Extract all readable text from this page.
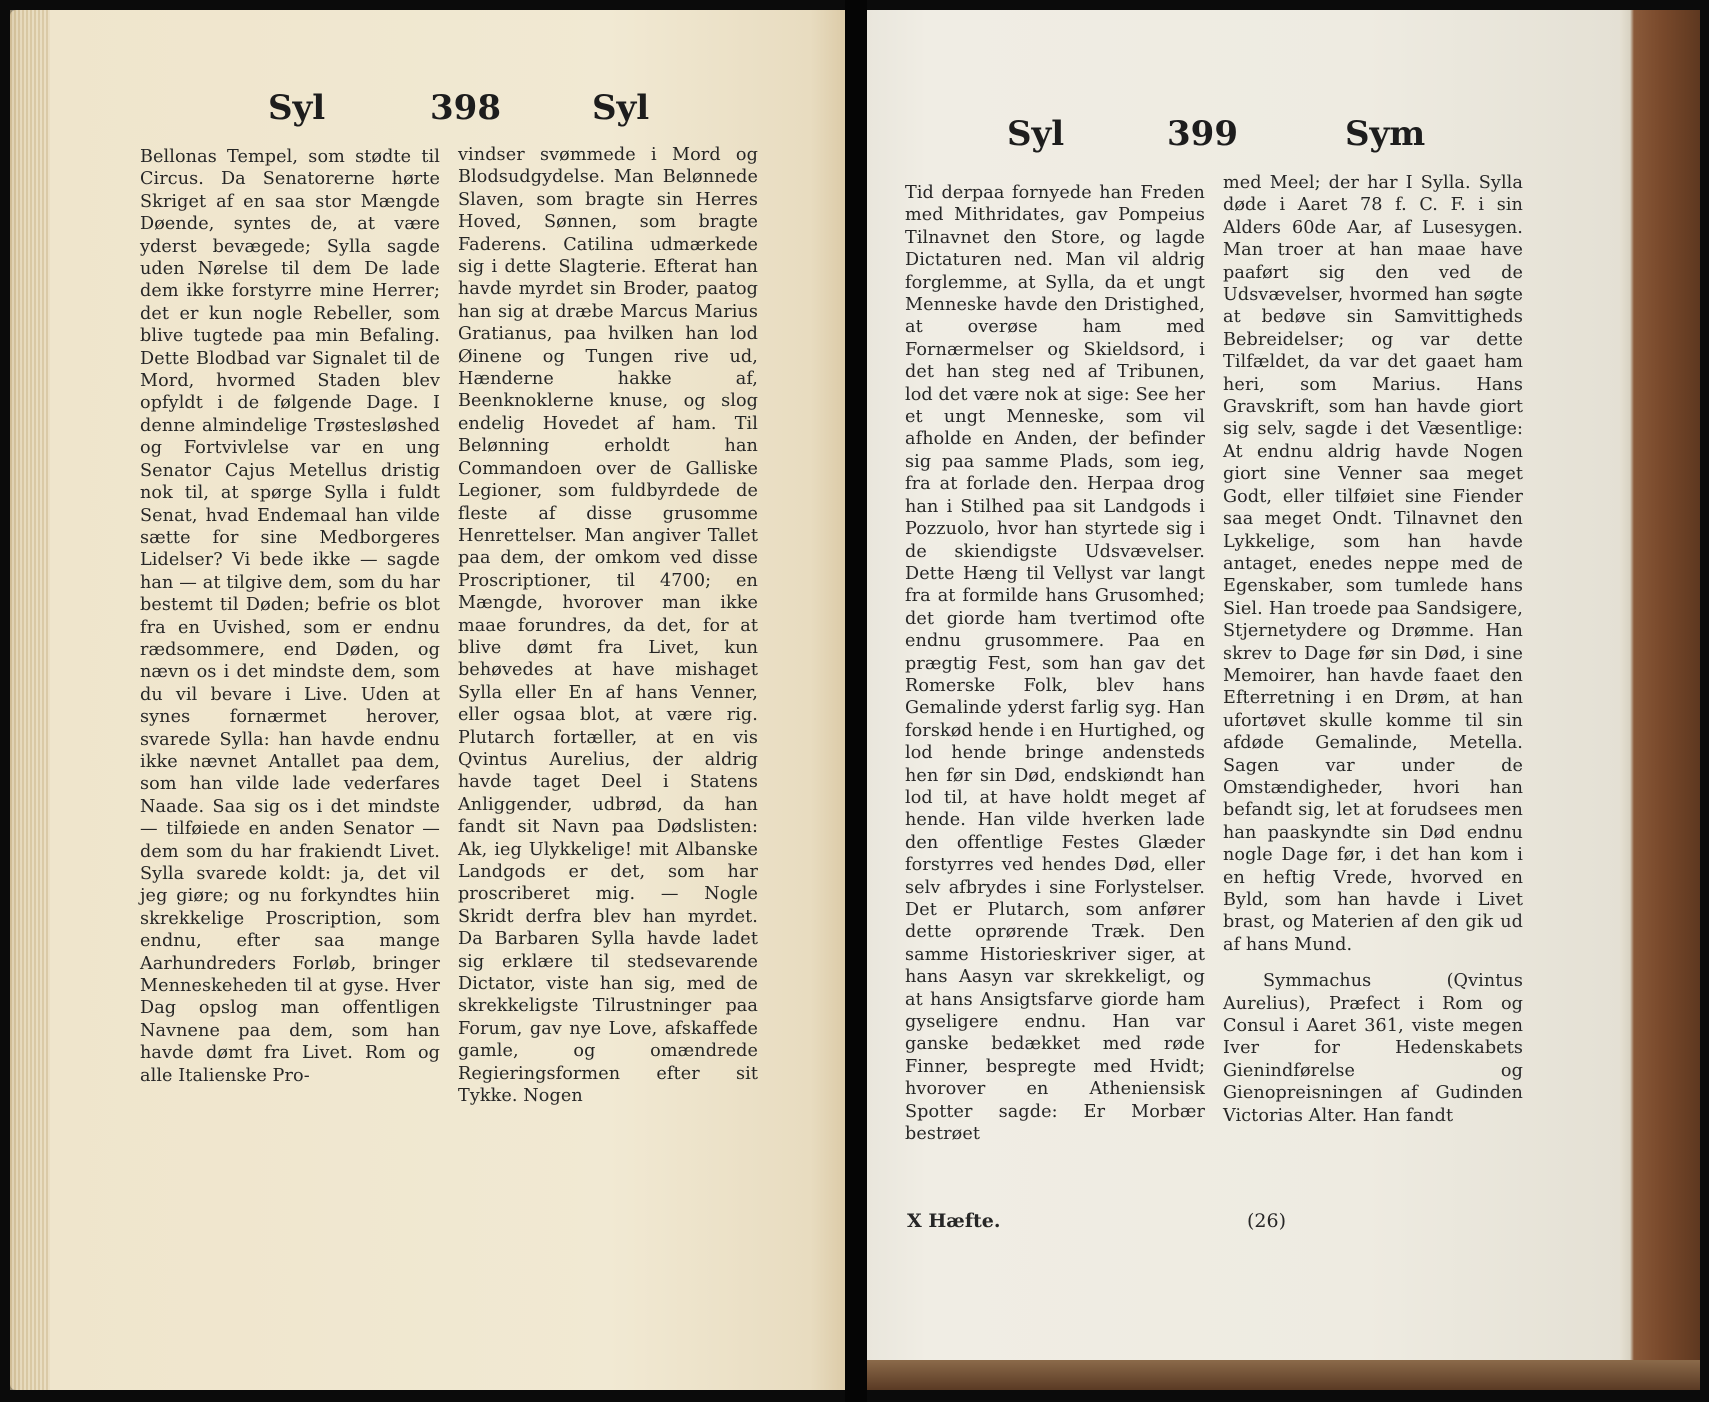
Syl	398	Syl

Bellonas Tempel, som stødte til Circus. Da Senatorerne hørte Skriget af en saa stor Mængde Døende, syntes de, at være yderst bevægede; Sylla sagde uden Nørelse til dem De lade dem ikke forstyrre mine Herrer; det er kun nogle Rebeller, som blive tugtede paa min Befaling. Dette Blodbad var Signalet til de Mord, hvormed Staden blev opfyldt i de følgende Dage. I denne almindelige Trøstesløshed og Fortvivlelse var en ung Senator Cajus Metellus dristig nok til, at spørge Sylla i fuldt Senat, hvad Endemaal han vilde sætte for sine Medborgeres Lidelser? Vi bede ikke — sagde han — at tilgive dem, som du har bestemt til Døden; befrie os blot fra en Uvished, som er endnu rædsommere, end Døden, og nævn os i det mindste dem, som du vil bevare i Live. Uden at synes fornærmet herover, svarede Sylla: han havde endnu ikke nævnet Antallet paa dem, som han vilde lade vederfares Naade. Saa sig os i det mindste — tilføiede en anden Senator — dem som du har frakiendt Livet. Sylla svarede koldt: ja, det vil jeg giøre; og nu forkyndtes hiin skrekkelige Proscription, som endnu, efter saa mange Aarhundreders Forløb, bringer Menneskeheden til at gyse. Hver Dag opslog man offentligen Navnene paa dem, som han havde dømt fra Livet. Rom og alle Italienske Pro-

vindser svømmede i Mord og Blodsudgydelse. Man Belønnede Slaven, som bragte sin Herres Hoved, Sønnen, som bragte Faderens. Catilina udmærkede sig i dette Slagterie. Efterat han havde myrdet sin Broder, paatog han sig at dræbe Marcus Marius Gratianus, paa hvilken han lod Øinene og Tungen rive ud, Hænderne hakke af, Beenknoklerne knuse, og slog endelig Hovedet af ham. Til Belønning erholdt han Commandoen over de Galliske Legioner, som fuldbyrdede de fleste af disse grusomme Henrettelser. Man angiver Tallet paa dem, der omkom ved disse Proscriptioner, til 4700; en Mængde, hvorover man ikke maae forundres, da det, for at blive dømt fra Livet, kun behøvedes at have mishaget Sylla eller En af hans Venner, eller ogsaa blot, at være rig. Plutarch fortæller, at en vis Qvintus Aurelius, der aldrig havde taget Deel i Statens Anliggender, udbrød, da han fandt sit Navn paa Dødslisten: Ak, ieg Ulykkelige! mit Albanske Landgods er det, som har proscriberet mig. — Nogle Skridt derfra blev han myrdet. Da Barbaren Sylla havde ladet sig erklære til stedsevarende Dictator, viste han sig, med de skrekkeligste Tilrustninger paa Forum, gav nye Love, afskaffede gamle, og omændrede Regieringsformen efter sit Tykke. Nogen

Syl	399	Sym

Tid derpaa fornyede han Freden med Mithridates, gav Pompeius Tilnavnet den Store, og lagde Dictaturen ned. Man vil aldrig forglemme, at Sylla, da et ungt Menneske havde den Dristighed, at overøse ham med Fornærmelser og Skieldsord, i det han steg ned af Tribunen, lod det være nok at sige: See her et ungt Menneske, som vil afholde en Anden, der befinder sig paa samme Plads, som ieg, fra at forlade den. Herpaa drog han i Stilhed paa sit Landgods i Pozzuolo, hvor han styrtede sig i de skiendigste Udsvævelser. Dette Hæng til Vellyst var langt fra at formilde hans Grusomhed; det giorde ham tvertimod ofte endnu grusommere. Paa en prægtig Fest, som han gav det Romerske Folk, blev hans Gemalinde yderst farlig syg. Han forskød hende i en Hurtighed, og lod hende bringe andensteds hen før sin Død, endskiøndt han lod til, at have holdt meget af hende. Han vilde hverken lade den offentlige Festes Glæder forstyrres ved hendes Død, eller selv afbrydes i sine Forlystelser. Det er Plutarch, som anfører dette oprørende Træk. Den samme Historieskriver siger, at hans Aasyn var skrekkeligt, og at hans Ansigtsfarve giorde ham gyseligere endnu. Han var ganske bedækket med røde Finner, bespregte med Hvidt; hvorover en Atheniensisk Spotter sagde: Er Morbær bestrøet

med Meel; der har I Sylla. Sylla døde i Aaret 78 f. C. F. i sin Alders 60de Aar, af Lusesygen. Man troer at han maae have paaført sig den ved de Udsvævelser, hvormed han søgte at bedøve sin Samvittigheds Bebreidelser; og var dette Tilfældet, da var det gaaet ham heri, som Marius. Hans Gravskrift, som han havde giort sig selv, sagde i det Væsentlige: At endnu aldrig havde Nogen giort sine Venner saa meget Godt, eller tilføiet sine Fiender saa meget Ondt. Tilnavnet den Lykkelige, som han havde antaget, enedes neppe med de Egenskaber, som tumlede hans Siel. Han troede paa Sandsigere, Stjernetydere og Drømme. Han skrev to Dage før sin Død, i sine Memoirer, han havde faaet den Efterretning i en Drøm, at han ufortøvet skulle komme til sin afdøde Gemalinde, Metella. Sagen var under de Omstændigheder, hvori han befandt sig, let at forudsees men han paaskyndte sin Død endnu nogle Dage før, i det han kom i en heftig Vrede, hvorved en Byld, som han havde i Livet brast, og Materien af den gik ud af hans Mund.

Symmachus (Qvintus Aurelius), Præfect i Rom og Consul i Aaret 361, viste megen Iver for Hedenskabets Gienindførelse og Gienopreisningen af Gudinden Victorias Alter. Han fandt

X Hæfte.	(26)
